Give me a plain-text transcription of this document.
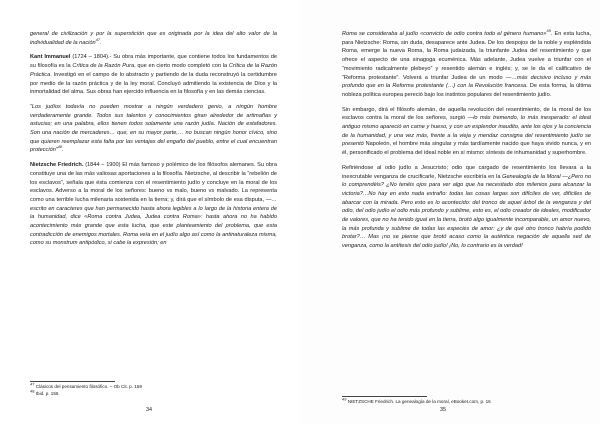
general de civilización y por la superstición que es originada por la idea del alto valor de la individualidad de la nación$^{47}$.

Kant Immanuel (1724 – 1804).- Su obra más importante, que contiene todos los fundamentos de su filosofía es la Crítica de la Razón Pura, que en cierto modo completó con la Crítica de la Razón Práctica. Investigó en el campo de lo abstracto y partiendo de la duda reconstruyó la certidumbre por medio de la razón práctica y de la ley moral. Concluyó admitiendo la existencia de Dios y la inmortalidad del alma. Sus obras han ejercido influencia en la filosofía y en las demás ciencias.

“Los judíos todavía no pueden mostrar a ningún verdadero genio, a ningún hombre verdaderamente grande. Todos sus talentos y conocimientos giran alrededor de artimañas y astucias; en una palabra, ellos tienen todos solamente una razón judía. Nación de estafadores. Son una nación de mercaderes… que, en su mayor parte,… no buscan ningún honor cívico, sino que quieren reemplazar esta falta por las ventajas del engaño del pueblo, entre el cual encuentran protección”$^{48}$.

Nietzsche Friedrich. (1844 – 1900) El más famoso y polémico de los filósofos alemanes. Su obra constituye una de las más valiosas aportaciones a la filosofía. Nietzsche, al describir la “rebelión de los esclavos”, señala que ésta comienza con el resentimiento judío y concluye en la moral de los esclavos. Adverso a la moral de los señores: bueno vs malo, bueno vs malvado. La representa como una terrible lucha milenaria sostenida en la tierra; y, dirá que el símbolo de esa disputa, —…escrito en caracteres que han permanecido hasta ahora legibles a lo largo de la historia entera de la humanidad, dice «Roma contra Judea, Judea contra Roma»: hasta ahora no ha habido acontecimiento más grande que esta lucha, que este planteamiento del problema, que esta contradicción de enemigos mortales. Roma veía en el judío algo así como la antinaturaleza misma, como su monstrum antipódico, si cabe la expresión; en

$^{47}$ Clásicos del pensamiento filosófico. – Ob Cit. p. 159
$^{48}$ Ibid. p. 156
34

Roma se consideraba al judío «convicto de odio contra todo el género humano»$^{49}$. En esta lucha, para Nietzsche: Roma, sin duda, desaparece ante Judea. De los despojos de la noble y espléndida Roma, emerge la nueva Roma, la Roma judaizada, la triunfante Judea del resentimiento y que ofrece el aspecto de una sinagoga ecuménica. Más adelante, Judea vuelve a triunfar con el “movimiento radicalmente plebeyo” y resentido alemán e inglés; y, se le da el calificativo de “Reforma protestante”. Volverá a triunfar Judea de un modo —…más decisivo incluso y más profundo que en la Reforma protestante (…) con la Revolución francesa. De esta forma, la última nobleza política europea pereció bajo los instintos populares del resentimiento judío.

Sin embargo, dirá el filósofo alemán, de aquella revolución del resentimiento, de la moral de los esclavos contra la moral de los señores, surgió —lo más tremendo, lo más inesperado: el ideal antiguo mismo apareció en carne y hueso, y con un esplendor inaudito, ante los ojos y la conciencia de la humanidad, y una vez más, frente a la vieja y mendaz consigna del resentimiento judío se presentó Napoleón, el hombre más singular y más tardíamente nacido que haya vivido nunca, y en él, personificado el problema del ideal noble en sí mismo: síntesis de inhumanidad y superhombre.

Refiriéndose al odio judío a Jesucristo; odio que cargado de resentimiento los llevara a la inexcrutable venganza de crucificarle, Nietzsche escribiría en la Genealogía de la Moral —¿Pero no lo comprendéis? ¿No tenéis ojos para ver algo que ha necesitado dos milenios para alcanzar la victoria?…No hay en esto nada extraño: todas las cosas largas son difíciles de ver, difíciles de abarcar con la mirada. Pero esto es lo acontecido: del tronco de aquel árbol de la venganza y del odio, del odio judío el odio más profundo y sublime, esto es, el odio creador de ideales, modificador de valores, que no ha tenido igual en la tierra, brotó algo igualmente incomparable, un amor nuevo, la más profunda y sublime de todas las especies de amor: ¿y de qué otro tronco habría podido brotar?… Mas ¡no se piense que brotó acaso como la auténtica negación de aquella sed de venganza, como la antítesis del odio judío! ¡No, lo contrario es la verdad!

$^{49}$ NIETZSCHE Friedrich. La genealogía de la moral, eBooket.com, p. 16
35
